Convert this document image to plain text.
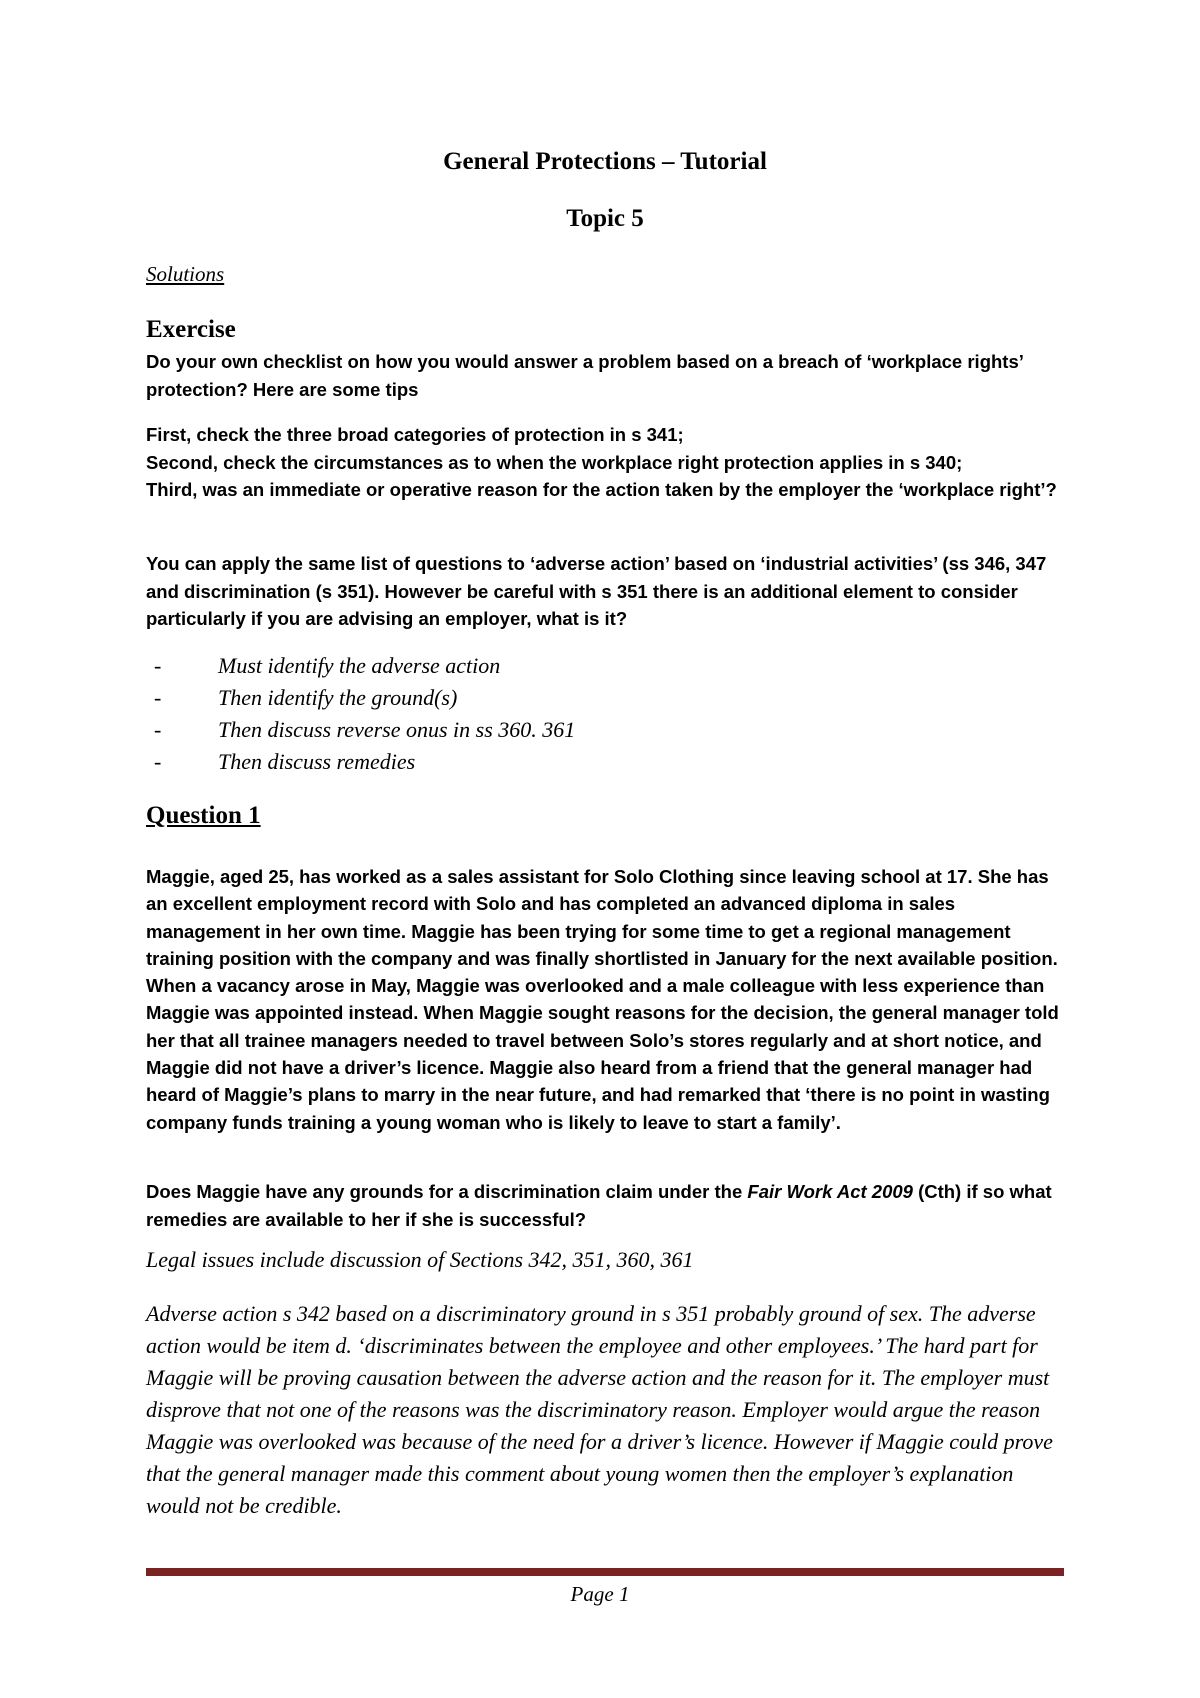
General Protections – Tutorial
Topic 5
Solutions
Exercise
Do your own checklist on how you would answer a problem based on a breach of ‘workplace rights’ protection? Here are some tips
First, check the three broad categories of protection in s 341;
Second, check the circumstances as to when the workplace right protection applies in s 340;
Third, was an immediate or operative reason for the action taken by the employer the ‘workplace right’?
You can apply the same list of questions to ‘adverse action’ based on ‘industrial activities’ (ss 346, 347 and discrimination (s 351). However be careful with s 351 there is an additional element to consider particularly if you are advising an employer, what is it?
-	Must identify the adverse action
-	Then identify the ground(s)
-	Then discuss reverse onus in ss 360. 361
-	Then discuss remedies
Question 1
Maggie, aged 25, has worked as a sales assistant for Solo Clothing since leaving school at 17. She has an excellent employment record with Solo and has completed an advanced diploma in sales management in her own time. Maggie has been trying for some time to get a regional management training position with the company and was finally shortlisted in January for the next available position. When a vacancy arose in May, Maggie was overlooked and a male colleague with less experience than Maggie was appointed instead. When Maggie sought reasons for the decision, the general manager told her that all trainee managers needed to travel between Solo’s stores regularly and at short notice, and Maggie did not have a driver’s licence. Maggie also heard from a friend that the general manager had heard of Maggie’s plans to marry in the near future, and had remarked that ‘there is no point in wasting company funds training a young woman who is likely to leave to start a family’.
Does Maggie have any grounds for a discrimination claim under the Fair Work Act 2009 (Cth) if so what remedies are available to her if she is successful?
Legal issues include discussion of Sections 342, 351, 360, 361
Adverse action s 342 based on a discriminatory ground in s 351 probably ground of sex. The adverse action would be item d. ‘discriminates between the employee and other employees.’ The hard part for Maggie will be proving causation between the adverse action and the reason for it. The employer must disprove that not one of the reasons was the discriminatory reason. Employer would argue the reason Maggie was overlooked was because of the need for a driver’s licence. However if Maggie could prove that the general manager made this comment about young women then the employer’s explanation would not be credible.
Page 1
